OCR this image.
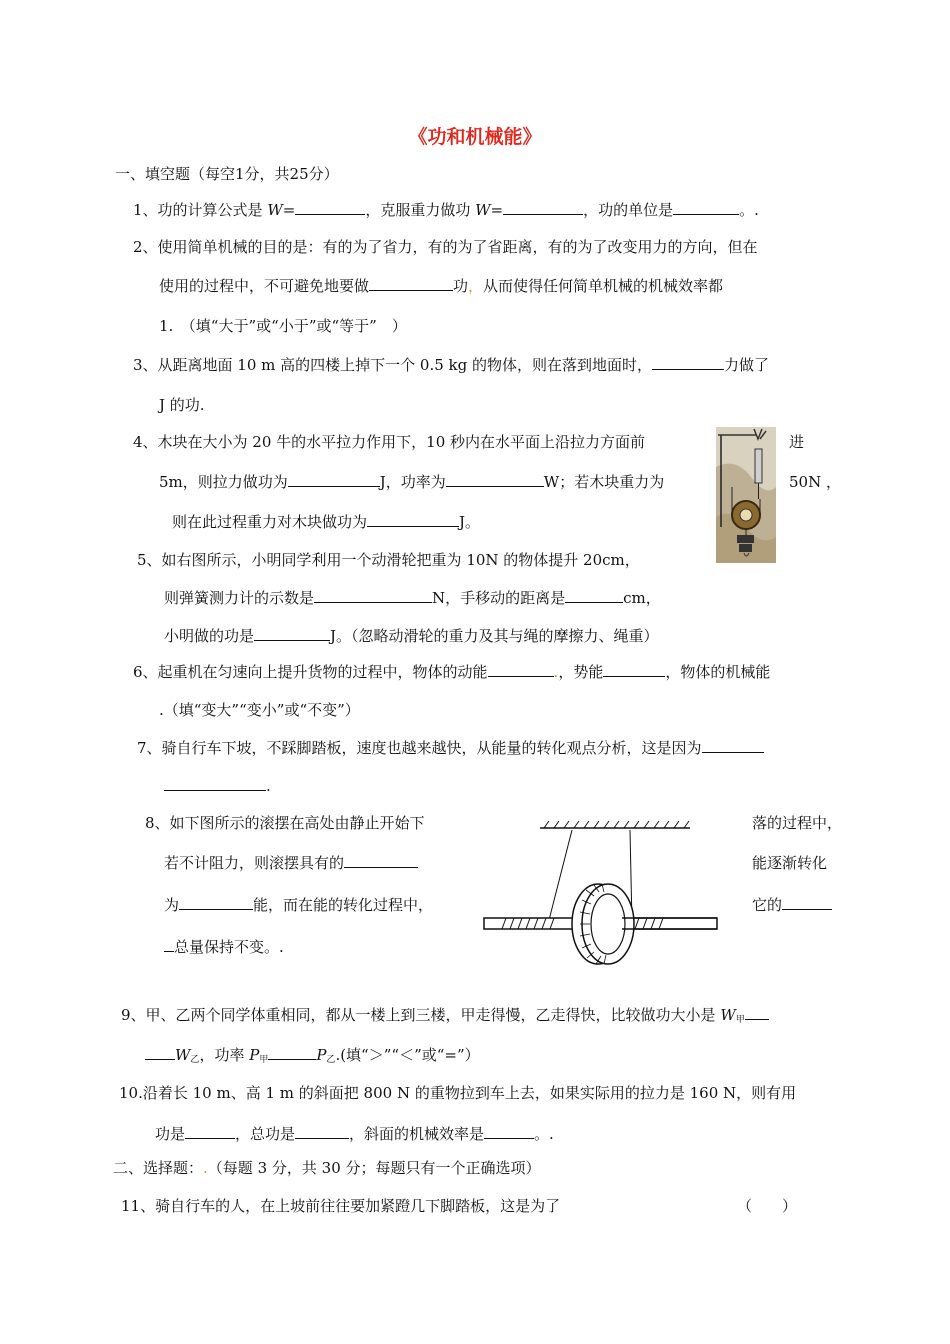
《功和机械能》
一、填空题（每空1分，共25分）
1、功的计算公式是 W=	，克服重力做功 W=	，功的单位是	。.
2、使用简单机械的目的是：有的为了省力，有的为了省距离，有的为了改变用力的方向，但在
使用的过程中，不可避免地要做	功，从而使得任何简单机械的机械效率都
1.　（填“大于”或“小于”或“等于”　）
3、从距离地面 10 m 高的四楼上掉下一个 0.5 kg 的物体，则在落到地面时，	力做了
J 的功.
4、木块在大小为 20 牛的水平拉力作用下，10 秒内在水平面上沿拉力方面前	进
5m，则拉力做功为	J，功率为	W；若木块重力为	50N ，
则在此过程重力对木块做功为	J。
5、如右图所示，小明同学利用一个动滑轮把重为 10N 的物体提升 20cm，
则弹簧测力计的示数是	N，手移动的距离是	cm，
小明做的功是	J。（忽略动滑轮的重力及其与绳的摩擦力、绳重）
6、起重机在匀速向上提升货物的过程中，物体的动能	.，势能	，物体的机械能
.（填“变大”“变小”或“不变”）
7、骑自行车下坡，不踩脚踏板，速度也越来越快，从能量的转化观点分析，这是因为
.
8、如下图所示的滚摆在高处由静止开始下	落的过程中，
若不计阻力，则滚摆具有的	能逐渐转化
为	能，而在能的转化过程中，	它的
总量保持不变。.
9、甲、乙两个同学体重相同，都从一楼上到三楼，甲走得慢，乙走得快，比较做功大小是 $W_甲$
$W_乙$，功率 $P_甲$	$P_乙$.(填“＞”“＜”或“=”）
10.沿着长 10 m、高 1 m 的斜面把 800 N 的重物拉到车上去，如果实际用的拉力是 160 N，则有用
功是	，总功是	，斜面的机械效率是	。.
二、选择题：.（每题 3 分，共 30 分；每题只有一个正确选项）
11、骑自行车的人，在上坡前往往要加紧蹬几下脚踏板，这是为了	（　　）
